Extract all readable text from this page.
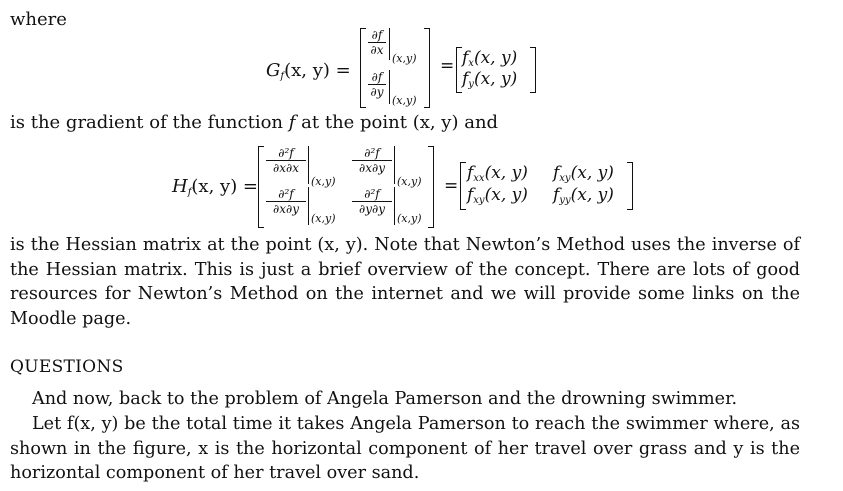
where
$G_f(x$, y) =
∂f
∂x
(x,y)
∂f
∂y
(x,y)
= $f_x(x$, y)
$f_y(x$, y)
is the gradient of the function f at the point (x, y) and
$H_f(x$, y) =
∂²f
∂x∂x
(x,y)
∂²f
∂x∂y
(x,y)
∂²f
∂x∂y
(x,y)
∂²f
∂y∂y
(x,y)
=
$f_{xx}(x$, y) $f_{xy}(x$, y)
$f_{xy}(x$, y) $f_{yy}(x$, y)
is the Hessian matrix at the point (x, y). Note that Newton’s Method uses the inverse of the Hessian matrix. This is just a brief overview of the concept. There are lots of good resources for Newton’s Method on the internet and we will provide some links on the Moodle page.
QUESTIONS
And now, back to the problem of Angela Pamerson and the drowning swimmer.
Let f(x, y) be the total time it takes Angela Pamerson to reach the swimmer where, as shown in the figure, x is the horizontal component of her travel over grass and y is the horizontal component of her travel over sand.
